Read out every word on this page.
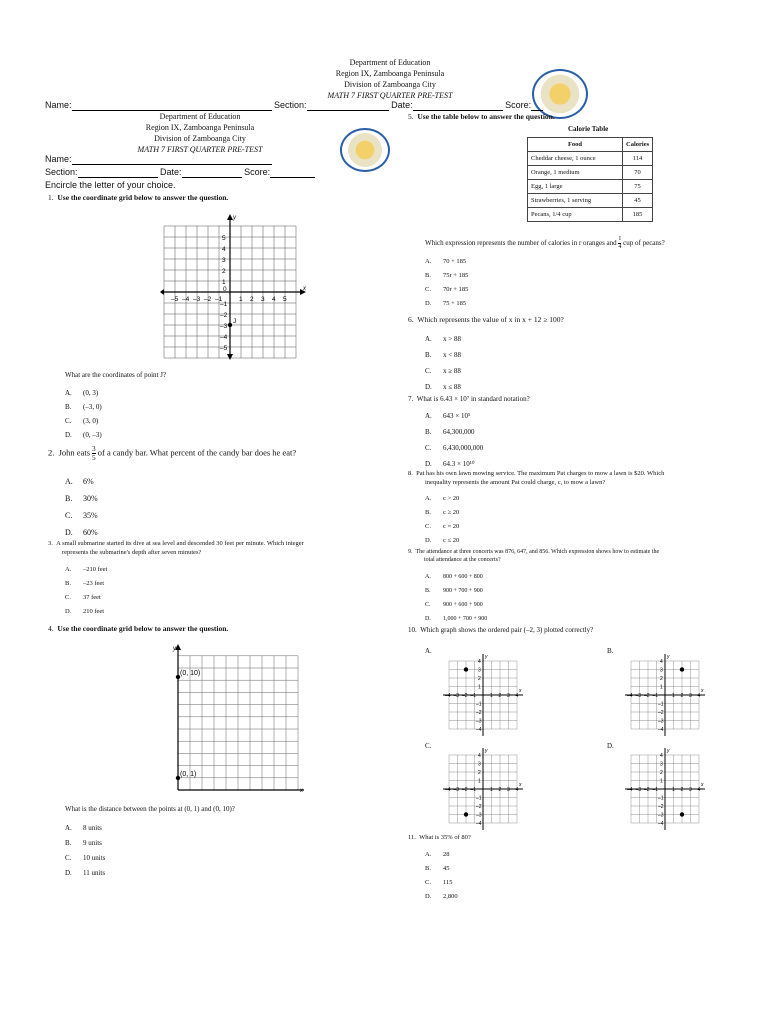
Department of Education
Region IX, Zamboanga Peninsula
Division of Zamboanga City
MATH 7 FIRST QUARTER PRE-TEST
Name:	Section:	Date:	Score:
Department of Education
Region IX, Zamboanga Peninsula
Division of Zamboanga City
MATH 7 FIRST QUARTER PRE-TEST
Name:
Section:	Date:	Score:
Encircle the letter of your choice.
1. Use the coordinate grid below to answer the question.
x
y
–5 –4 –3 –2 –1	1 2 3 4 5
1
2
3
4
5
–1
–2
–3
–4
–5
0
J
What are the coordinates of point J?
A. (0, 3)
B. (–3, 0)
C. (3, 0)
D. (0, –3)
2. John eats $\frac{3}{5}$ of a candy bar. What percent of the candy bar does he eat?
A. 6%
B. 30%
C. 35%
D. 60%
3. A small submarine started its dive at sea level and descended 30 feet per minute. Which integer
represents the submarine's depth after seven minutes?
A. –210 feet
B. –23 feet
C. 37 feet
D. 210 feet
4. Use the coordinate grid below to answer the question.
y
x
(0, 10)
(0, 1)
What is the distance between the points at (0, 1) and (0, 10)?
A. 8 units
B. 9 units
C. 10 units
D. 11 units
5. Use the table below to answer the question.
Calorie Table
Food	Calories
Cheddar cheese, 1 ounce	114
Orange, 1 medium	70
Egg, 1 large	75
Strawberries, 1 serving	45
Pecans, 1/4 cup	185
Which expression represents the number of calories in r oranges and $\frac{1}{4}$ cup of pecans?
A. 70 + 185
B. 75r + 185
C. 70r + 185
D. 75 + 185
6. Which represents the value of x in x + 12 ≥ 100?
A. x > 88
B. x < 88
C. x ≥ 88
D. x ≤ 88
7. What is 6.43 × 10⁷ in standard notation?
A. 643 × 10⁵
B. 64,300,000
C. 6,430,000,000
D. 64.3 × 10¹⁰
8. Pat has his own lawn mowing service. The maximum Pat charges to mow a lawn is $20. Which
inequality represents the amount Pat could charge, c, to mow a lawn?
A. c > 20
B. c ≥ 20
C. c = 20
D. c ≤ 20
9. The attendance at three concerts was 876, 647, and 856. Which expression shows how to estimate the
total attendance at the concerts?
A. 800 + 600 + 800
B. 900 + 700 + 900
C. 900 + 600 + 900
D. 1,000 + 700 + 900
10. Which graph shows the ordered pair (–2, 3) plotted correctly?
A.	B.
C.	D.
x
y
–4 –3 –2 –1	1 2 3 4
4
3
2
1
–1
–2
–3
–4
x
y
–4 –3 –2 –1	1 2 3 4
4
3
2
1
–1
–2
–3
–4
x
y
–4 –3 –2 –1	1 2 3 4
4
3
2
1
–1
–2
–3
–4
x
y
–4 –3 –2 –1	1 2 3 4
4
3
2
1
–1
–2
–3
–4
11. What is 35% of 80?
A. 28
B. 45
C. 115
D. 2,800
